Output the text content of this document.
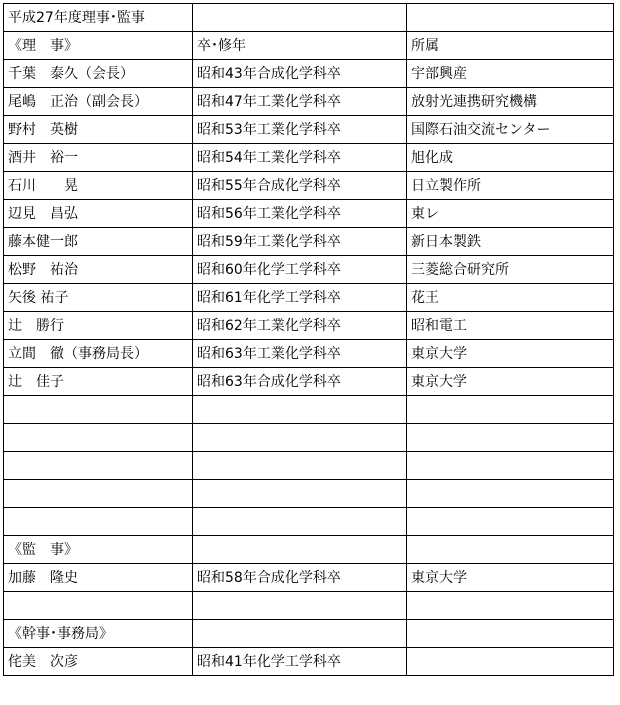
平成27年度理事･監事		
《理　事》	卒･修年	所属
千葉　泰久（会長）	昭和43年合成化学科卒	宇部興産
尾嶋　正治（副会長）	昭和47年工業化学科卒	放射光連携研究機構
野村　英樹	昭和53年工業化学科卒	国際石油交流センター
酒井　裕一	昭和54年工業化学科卒	旭化成
石川　　晃	昭和55年合成化学科卒	日立製作所
辺見　昌弘	昭和56年工業化学科卒	東レ
藤本健一郎	昭和59年工業化学科卒	新日本製鉄
松野　祐治	昭和60年化学工学科卒	三菱総合研究所
矢後 祐子	昭和61年化学工学科卒	花王
辻　勝行	昭和62年工業化学科卒	昭和電工
立間　徹（事務局長）	昭和63年工業化学科卒	東京大学
辻　佳子	昭和63年合成化学科卒	東京大学

《監　事》		
加藤　隆史	昭和58年合成化学科卒	東京大学

《幹事･事務局》		
侘美　次彦	昭和41年化学工学科卒	
